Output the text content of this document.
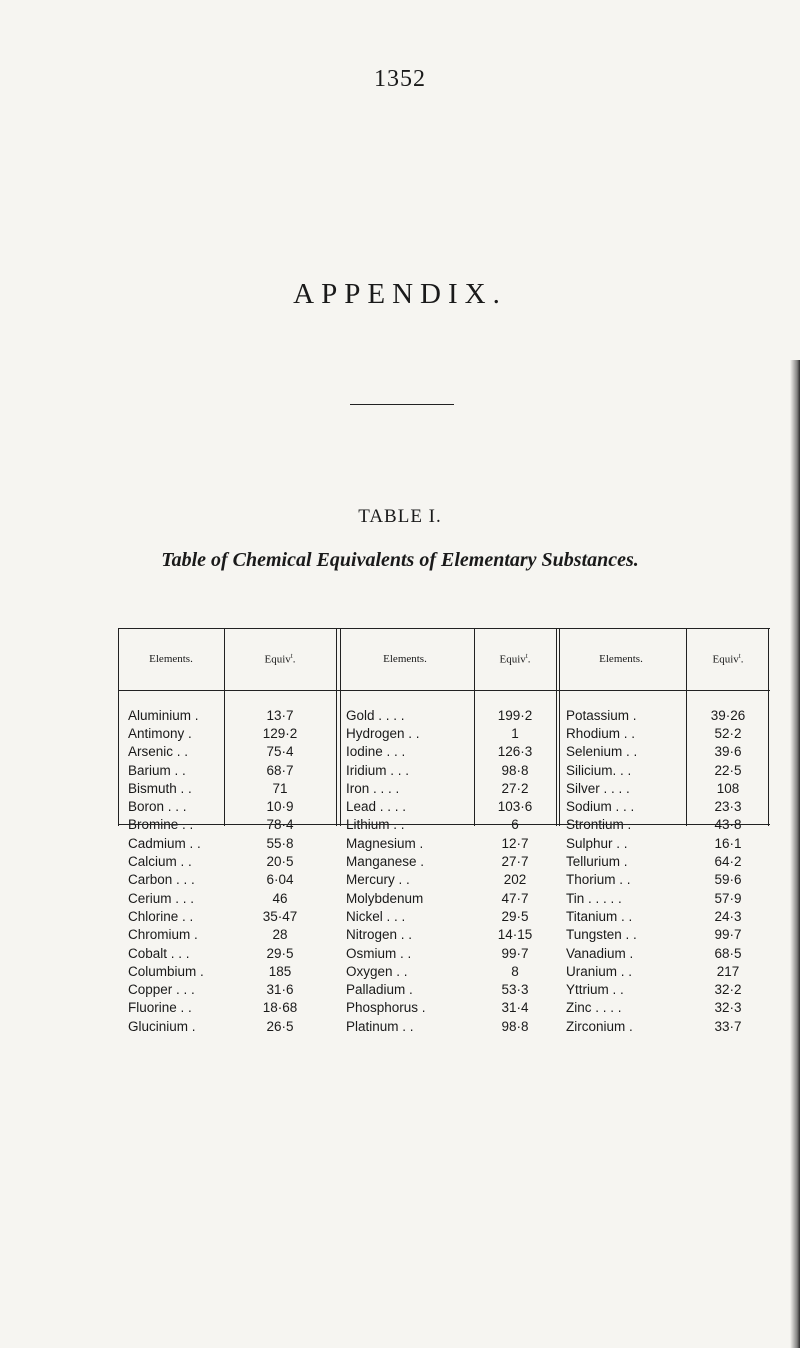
1352
APPENDIX.
TABLE I.
Table of Chemical Equivalents of Elementary Substances.
Elements.	Equiv$^t$.	Elements.	Equiv$^t$.	Elements.	Equiv$^t$.

Aluminium .	13·7	Gold . . . .	199·2	Potassium .	39·26
Antimony .	129·2	Hydrogen . .	1	Rhodium . .	52·2
Arsenic . .	75·4	Iodine . . .	126·3	Selenium . .	39·6
Barium . .	68·7	Iridium . . .	98·8	Silicium. . .	22·5
Bismuth . .	71	Iron . . . .	27·2	Silver . . . .	108
Boron . . .	10·9	Lead . . . .	103·6	Sodium . . .	23·3
Bromine . .	78·4	Lithium . .	6	Strontium .	43·8
Cadmium . .	55·8	Magnesium .	12·7	Sulphur . .	16·1
Calcium . .	20·5	Manganese .	27·7	Tellurium .	64·2
Carbon . . .	6·04	Mercury . .	202	Thorium . .	59·6
Cerium . . .	46	Molybdenum	47·7	Tin . . . . .	57·9
Chlorine . .	35·47	Nickel . . .	29·5	Titanium . .	24·3
Chromium .	28	Nitrogen . .	14·15	Tungsten . .	99·7
Cobalt . . .	29·5	Osmium . .	99·7	Vanadium .	68·5
Columbium .	185	Oxygen . .	8	Uranium . .	217
Copper . . .	31·6	Palladium .	53·3	Yttrium . .	32·2
Fluorine . .	18·68	Phosphorus .	31·4	Zinc . . . .	32·3
Glucinium .	26·5	Platinum . .	98·8	Zirconium .	33·7
